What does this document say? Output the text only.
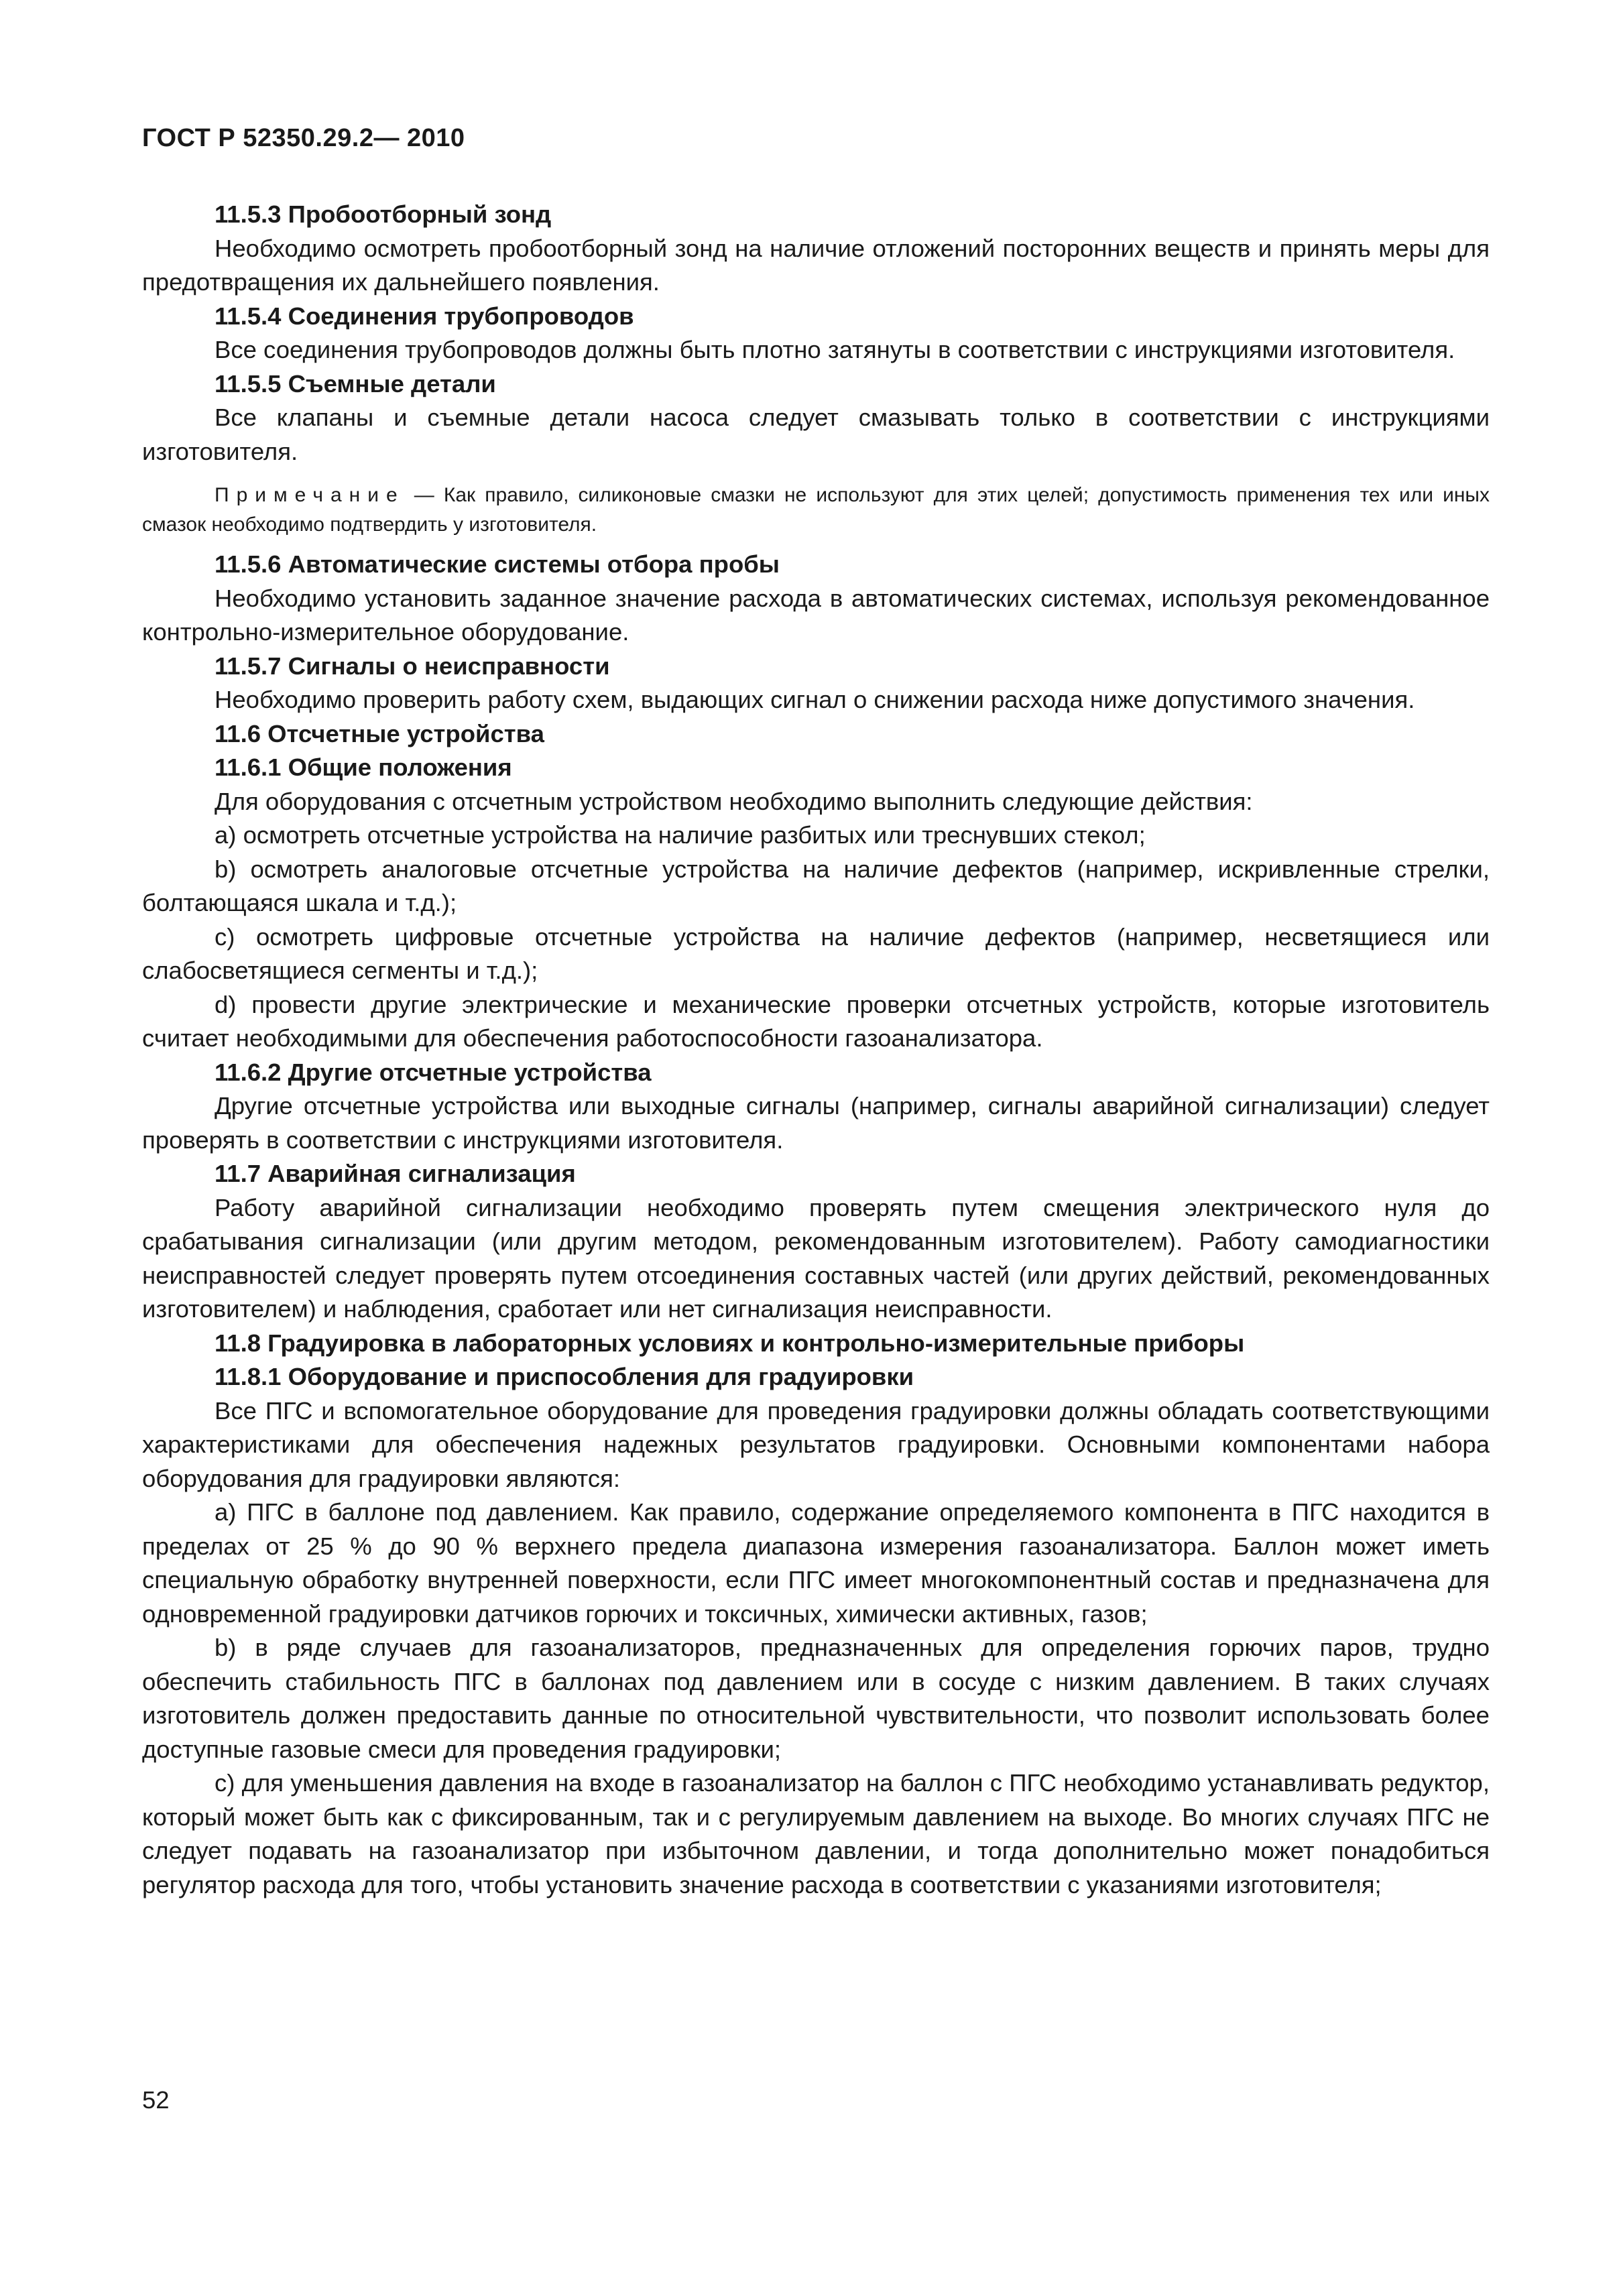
ГОСТ Р 52350.29.2— 2010

11.5.3 Пробоотборный зонд

Необходимо осмотреть пробоотборный зонд на наличие отложений посторонних веществ и принять меры для предотвращения их дальнейшего появления.

11.5.4 Соединения трубопроводов

Все соединения трубопроводов должны быть плотно затянуты в соответствии с инструкциями изготовителя.

11.5.5 Съемные детали

Все клапаны и съемные детали насоса следует смазывать только в соответствии с инструкциями изготовителя.

Примечание — Как правило, силиконовые смазки не используют для этих целей; допустимость применения тех или иных смазок необходимо подтвердить у изготовителя.

11.5.6 Автоматические системы отбора пробы

Необходимо установить заданное значение расхода в автоматических системах, используя рекомендованное контрольно-измерительное оборудование.

11.5.7 Сигналы о неисправности

Необходимо проверить работу схем, выдающих сигнал о снижении расхода ниже допустимого значения.

11.6 Отсчетные устройства

11.6.1 Общие положения

Для оборудования с отсчетным устройством необходимо выполнить следующие действия:

a) осмотреть отсчетные устройства на наличие разбитых или треснувших стекол;

b) осмотреть аналоговые отсчетные устройства на наличие дефектов (например, искривленные стрелки, болтающаяся шкала и т.д.);

c) осмотреть цифровые отсчетные устройства на наличие дефектов (например, несветящиеся или слабосветящиеся сегменты и т.д.);

d) провести другие электрические и механические проверки отсчетных устройств, которые изготовитель считает необходимыми для обеспечения работоспособности газоанализатора.

11.6.2 Другие отсчетные устройства

Другие отсчетные устройства или выходные сигналы (например, сигналы аварийной сигнализации) следует проверять в соответствии с инструкциями изготовителя.

11.7 Аварийная сигнализация

Работу аварийной сигнализации необходимо проверять путем смещения электрического нуля до срабатывания сигнализации (или другим методом, рекомендованным изготовителем). Работу самодиагностики неисправностей следует проверять путем отсоединения составных частей (или других действий, рекомендованных изготовителем) и наблюдения, сработает или нет сигнализация неисправности.

11.8 Градуировка в лабораторных условиях и контрольно-измерительные приборы

11.8.1 Оборудование и приспособления для градуировки

Все ПГС и вспомогательное оборудование для проведения градуировки должны обладать соответствующими характеристиками для обеспечения надежных результатов градуировки. Основными компонентами набора оборудования для градуировки являются:

a) ПГС в баллоне под давлением. Как правило, содержание определяемого компонента в ПГС находится в пределах от 25 % до 90 % верхнего предела диапазона измерения газоанализатора. Баллон может иметь специальную обработку внутренней поверхности, если ПГС имеет многокомпонентный состав и предназначена для одновременной градуировки датчиков горючих и токсичных, химически активных, газов;

b) в ряде случаев для газоанализаторов, предназначенных для определения горючих паров, трудно обеспечить стабильность ПГС в баллонах под давлением или в сосуде с низким давлением. В таких случаях изготовитель должен предоставить данные по относительной чувствительности, что позволит использовать более доступные газовые смеси для проведения градуировки;

c) для уменьшения давления на входе в газоанализатор на баллон с ПГС необходимо устанавливать редуктор, который может быть как с фиксированным, так и с регулируемым давлением на выходе. Во многих случаях ПГС не следует подавать на газоанализатор при избыточном давлении, и тогда дополнительно может понадобиться регулятор расхода для того, чтобы установить значение расхода в соответствии с указаниями изготовителя;

52
